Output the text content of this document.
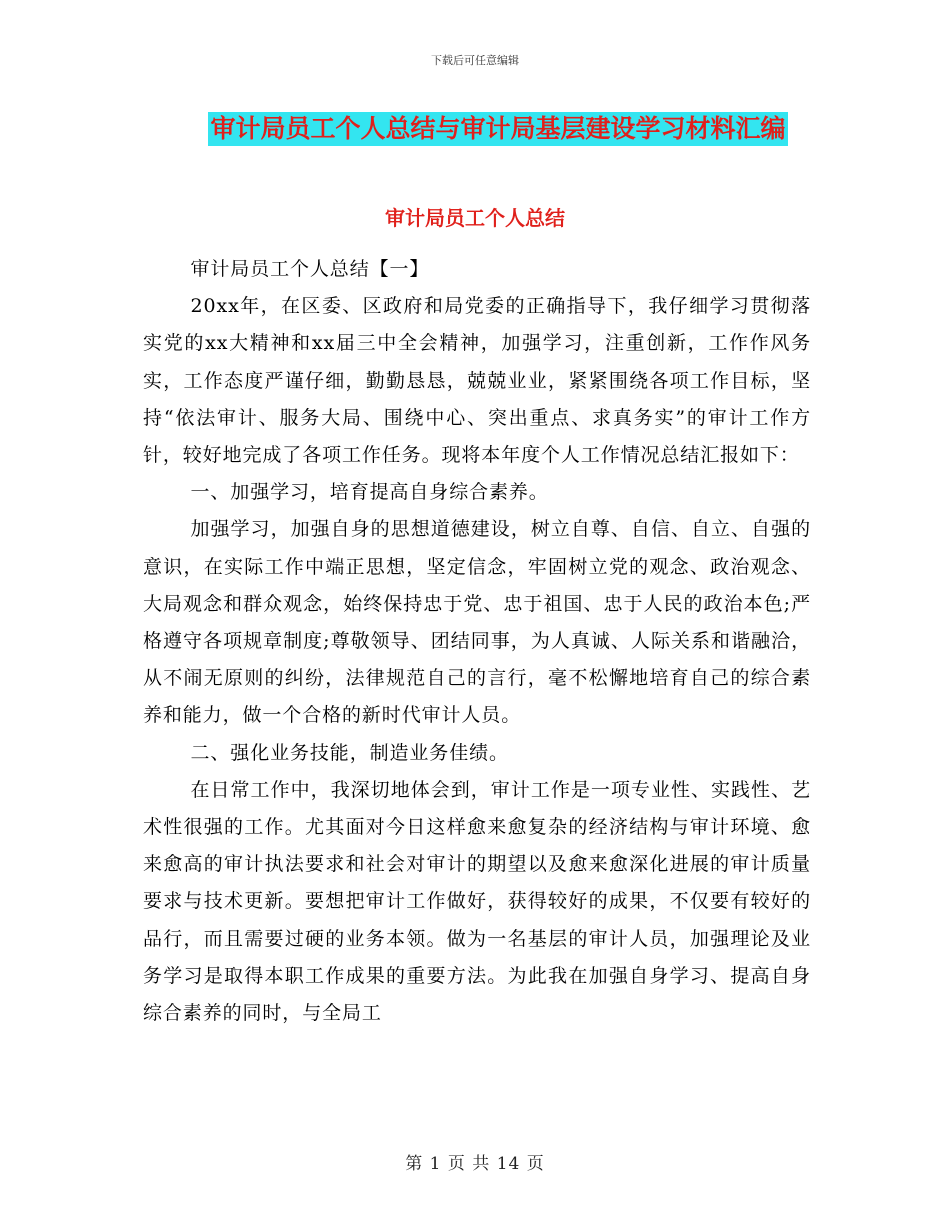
下载后可任意编辑
审计局员工个人总结与审计局基层建设学习材料汇编
审计局员工个人总结

审计局员工个人总结【一】

20xx年，在区委、区政府和局党委的正确指导下，我仔细学习贯彻落实党的xx大精神和xx届三中全会精神，加强学习，注重创新，工作作风务实，工作态度严谨仔细，勤勤恳恳，兢兢业业，紧紧围绕各项工作目标，坚持“依法审计、服务大局、围绕中心、突出重点、求真务实”的审计工作方针，较好地完成了各项工作任务。现将本年度个人工作情况总结汇报如下：

一、加强学习，培育提高自身综合素养。

加强学习，加强自身的思想道德建设，树立自尊、自信、自立、自强的意识，在实际工作中端正思想，坚定信念，牢固树立党的观念、政治观念、大局观念和群众观念，始终保持忠于党、忠于祖国、忠于人民的政治本色;严格遵守各项规章制度;尊敬领导、团结同事，为人真诚、人际关系和谐融洽，从不闹无原则的纠纷，法律规范自己的言行，毫不松懈地培育自己的综合素养和能力，做一个合格的新时代审计人员。

二、强化业务技能，制造业务佳绩。

在日常工作中，我深切地体会到，审计工作是一项专业性、实践性、艺术性很强的工作。尤其面对今日这样愈来愈复杂的经济结构与审计环境、愈来愈高的审计执法要求和社会对审计的期望以及愈来愈深化进展的审计质量要求与技术更新。要想把审计工作做好，获得较好的成果，不仅要有较好的品行，而且需要过硬的业务本领。做为一名基层的审计人员，加强理论及业务学习是取得本职工作成果的重要方法。为此我在加强自身学习、提高自身综合素养的同时，与全局工

第 1 页 共 14 页
